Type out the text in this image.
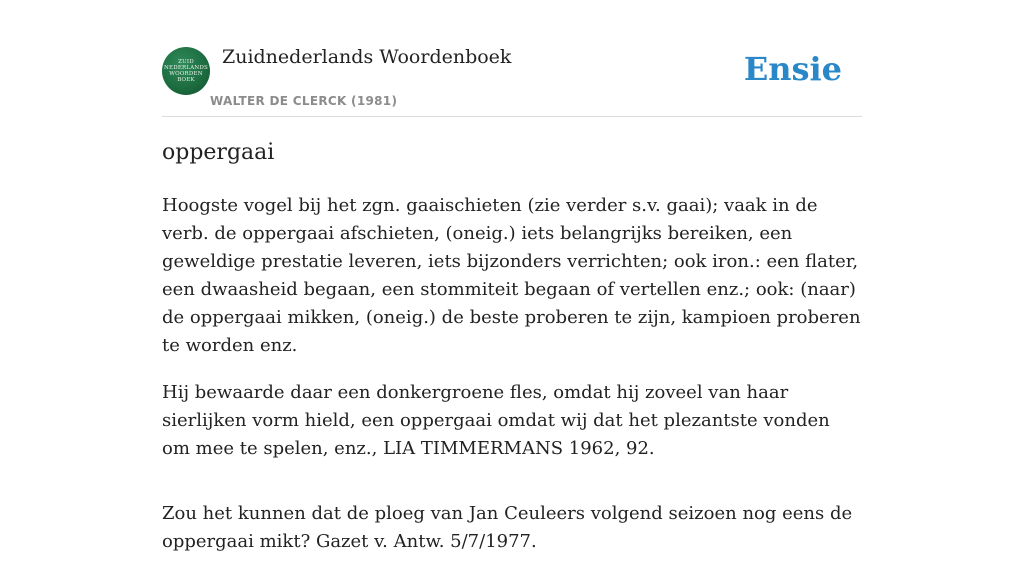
ZUID
NEDERLANDS
WOORDEN
BOEK
Zuidnederlands Woordenboek
WALTER DE CLERCK (1981)
Ensie
oppergaai

Hoogste vogel bij het zgn. gaaischieten (zie verder s.v. gaai); vaak in de verb. de oppergaai afschieten, (oneig.) iets belangrijks bereiken, een geweldige prestatie leveren, iets bijzonders verrichten; ook iron.: een flater, een dwaasheid begaan, een stommiteit begaan of vertellen enz.; ook: (naar) de oppergaai mikken, (oneig.) de beste proberen te zijn, kampioen proberen te worden enz.

Hij bewaarde daar een donkergroene fles, omdat hij zoveel van haar sierlijken vorm hield, een oppergaai omdat wij dat het plezantste vonden om mee te spelen, enz., LIA TIMMERMANS 1962, 92.

Zou het kunnen dat de ploeg van Jan Ceuleers volgend seizoen nog eens de oppergaai mikt? Gazet v. Antw. 5/7/1977.
